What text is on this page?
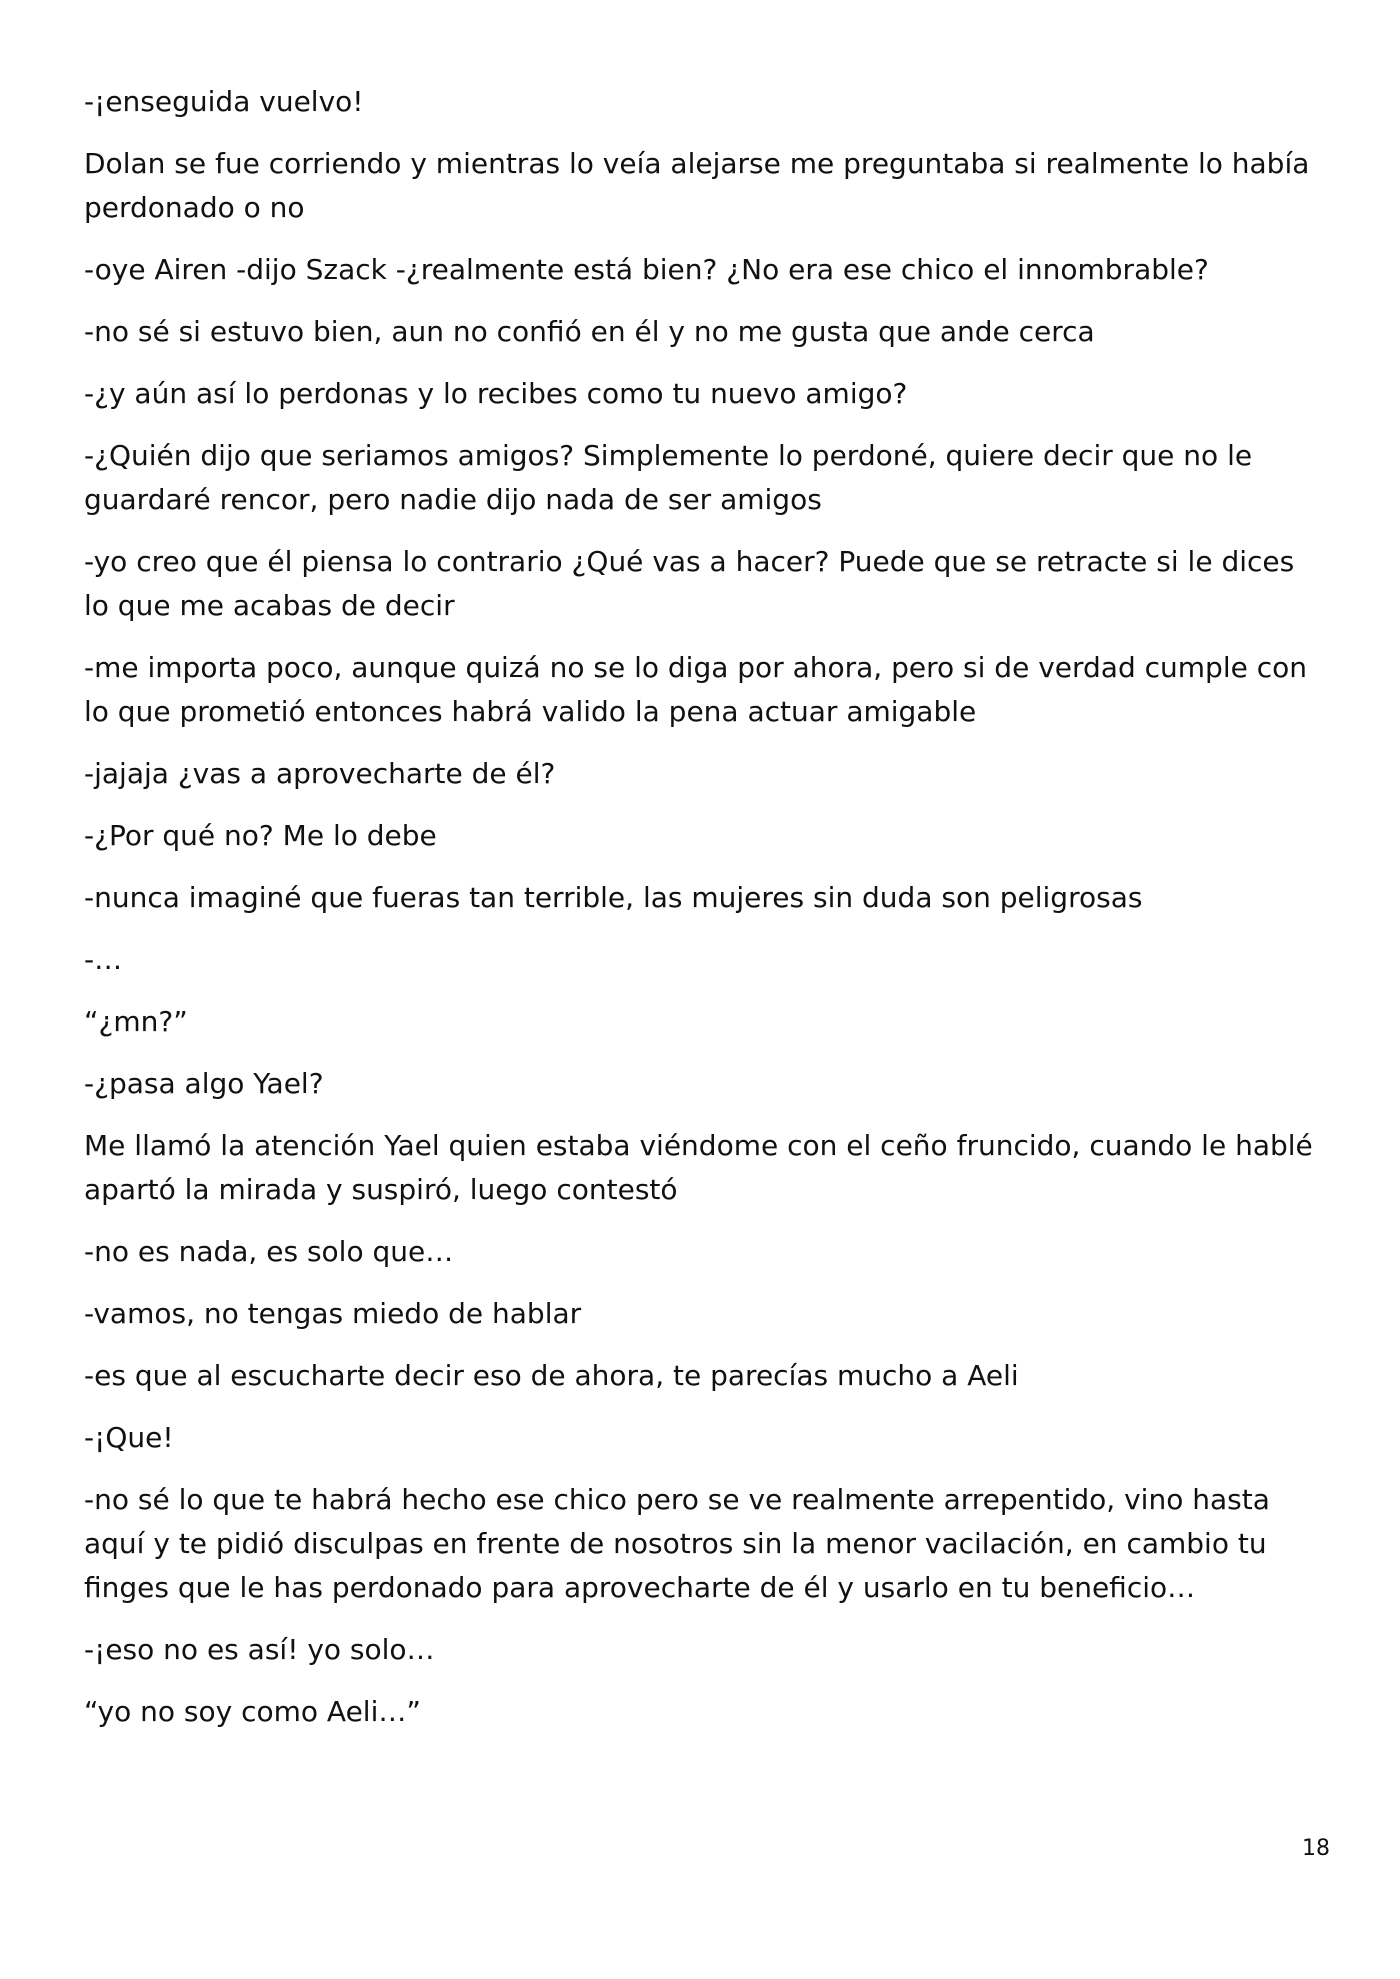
-¡enseguida vuelvo!

Dolan se fue corriendo y mientras lo veía alejarse me preguntaba si realmente lo había perdonado o no

-oye Airen -dijo Szack -¿realmente está bien? ¿No era ese chico el innombrable?

-no sé si estuvo bien, aun no confió en él y no me gusta que ande cerca

-¿y aún así lo perdonas y lo recibes como tu nuevo amigo?

-¿Quién dijo que seriamos amigos? Simplemente lo perdoné, quiere decir que no le guardaré rencor, pero nadie dijo nada de ser amigos

-yo creo que él piensa lo contrario ¿Qué vas a hacer? Puede que se retracte si le dices lo que me acabas de decir

-me importa poco, aunque quizá no se lo diga por ahora, pero si de verdad cumple con lo que prometió entonces habrá valido la pena actuar amigable

-jajaja ¿vas a aprovecharte de él?

-¿Por qué no? Me lo debe

-nunca imaginé que fueras tan terrible, las mujeres sin duda son peligrosas

-…

“¿mn?”

-¿pasa algo Yael?

Me llamó la atención Yael quien estaba viéndome con el ceño fruncido, cuando le hablé apartó la mirada y suspiró, luego contestó

-no es nada, es solo que…

-vamos, no tengas miedo de hablar

-es que al escucharte decir eso de ahora, te parecías mucho a Aeli

-¡Que!

-no sé lo que te habrá hecho ese chico pero se ve realmente arrepentido, vino hasta aquí y te pidió disculpas en frente de nosotros sin la menor vacilación, en cambio tu finges que le has perdonado para aprovecharte de él y usarlo en tu beneficio…

-¡eso no es así! yo solo…

“yo no soy como Aeli…”

18
